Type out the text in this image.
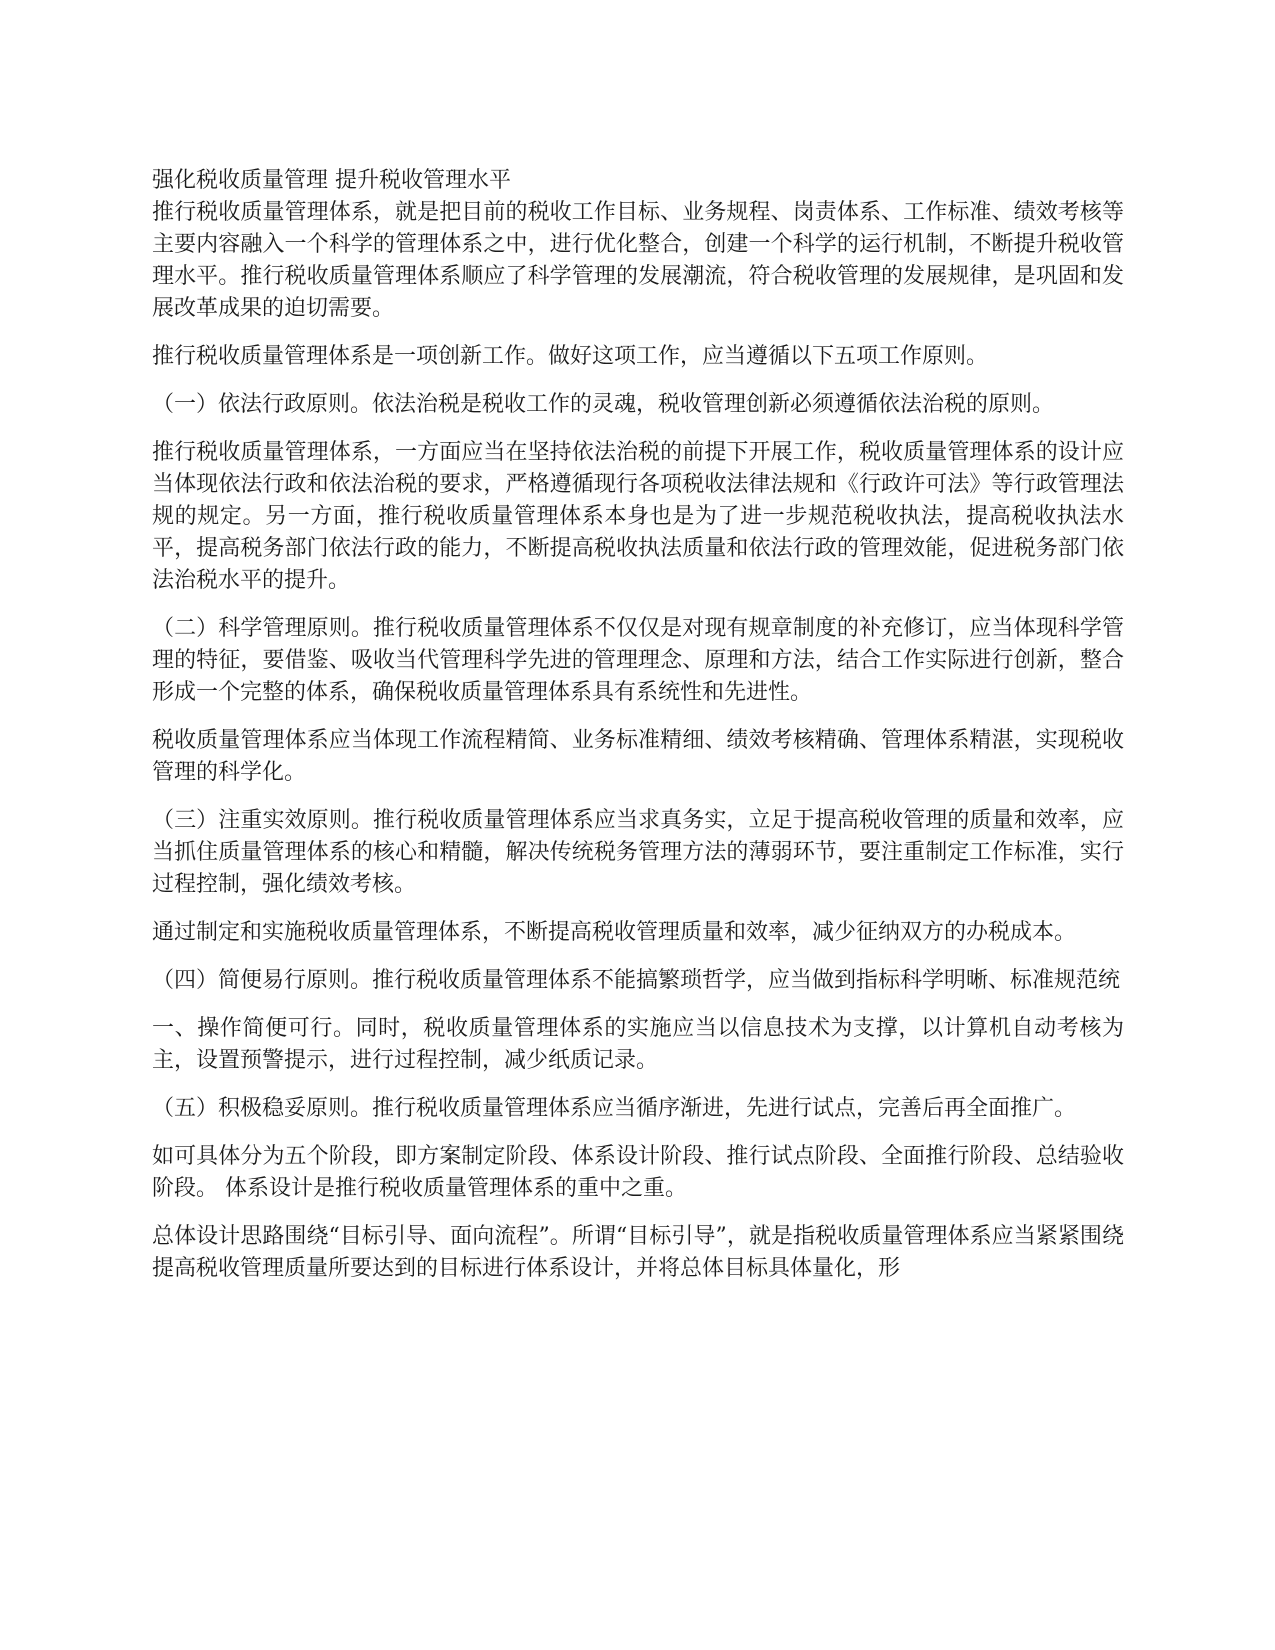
强化税收质量管理 提升税收管理水平

推行税收质量管理体系，就是把目前的税收工作目标、业务规程、岗责体系、工作标准、绩效考核等主要内容融入一个科学的管理体系之中，进行优化整合，创建一个科学的运行机制，不断提升税收管理水平。推行税收质量管理体系顺应了科学管理的发展潮流，符合税收管理的发展规律，是巩固和发展改革成果的迫切需要。

推行税收质量管理体系是一项创新工作。做好这项工作，应当遵循以下五项工作原则。

（一）依法行政原则。依法治税是税收工作的灵魂，税收管理创新必须遵循依法治税的原则。

推行税收质量管理体系，一方面应当在坚持依法治税的前提下开展工作，税收质量管理体系的设计应当体现依法行政和依法治税的要求，严格遵循现行各项税收法律法规和《行政许可法》等行政管理法规的规定。另一方面，推行税收质量管理体系本身也是为了进一步规范税收执法，提高税收执法水平，提高税务部门依法行政的能力，不断提高税收执法质量和依法行政的管理效能，促进税务部门依法治税水平的提升。

（二）科学管理原则。推行税收质量管理体系不仅仅是对现有规章制度的补充修订，应当体现科学管理的特征，要借鉴、吸收当代管理科学先进的管理理念、原理和方法，结合工作实际进行创新，整合形成一个完整的体系，确保税收质量管理体系具有系统性和先进性。

税收质量管理体系应当体现工作流程精简、业务标准精细、绩效考核精确、管理体系精湛，实现税收管理的科学化。

（三）注重实效原则。推行税收质量管理体系应当求真务实，立足于提高税收管理的质量和效率，应当抓住质量管理体系的核心和精髓，解决传统税务管理方法的薄弱环节，要注重制定工作标准，实行过程控制，强化绩效考核。

通过制定和实施税收质量管理体系，不断提高税收管理质量和效率，减少征纳双方的办税成本。

（四）简便易行原则。推行税收质量管理体系不能搞繁琐哲学，应当做到指标科学明晰、标准规范统

一、操作简便可行。同时，税收质量管理体系的实施应当以信息技术为支撑，以计算机自动考核为主，设置预警提示，进行过程控制，减少纸质记录。

（五）积极稳妥原则。推行税收质量管理体系应当循序渐进，先进行试点，完善后再全面推广。

如可具体分为五个阶段，即方案制定阶段、体系设计阶段、推行试点阶段、全面推行阶段、总结验收阶段。 体系设计是推行税收质量管理体系的重中之重。

总体设计思路围绕“目标引导、面向流程”。所谓“目标引导”，就是指税收质量管理体系应当紧紧围绕提高税收管理质量所要达到的目标进行体系设计，并将总体目标具体量化，形
